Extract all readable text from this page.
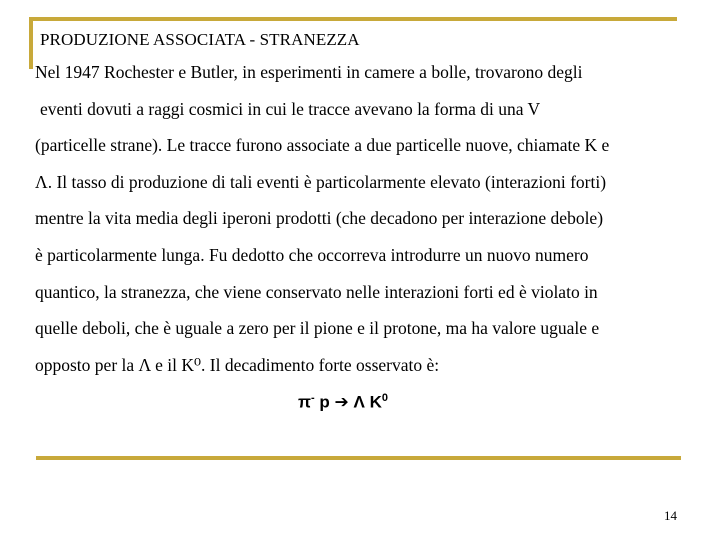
PRODUZIONE ASSOCIATA - STRANEZZA
Nel 1947 Rochester e Butler, in esperimenti in camere a bolle, trovarono degli
eventi dovuti a raggi cosmici in cui le tracce avevano la forma di una V
(particelle strane). Le tracce furono associate a due particelle nuove, chiamate K e
Λ. Il tasso di produzione di tali eventi è particolarmente elevato (interazioni forti)
mentre la vita media degli iperoni prodotti (che decadono per interazione debole)
è particolarmente lunga. Fu dedotto che occorreva introdurre un nuovo numero
quantico, la stranezza, che viene conservato nelle interazioni forti ed è violato in
quelle deboli, che è uguale a zero per il pione e il protone, ma ha valore uguale e
opposto per la Λ e il K⁰. Il decadimento forte osservato è:
π- p ➔ Λ $K^0$
14
